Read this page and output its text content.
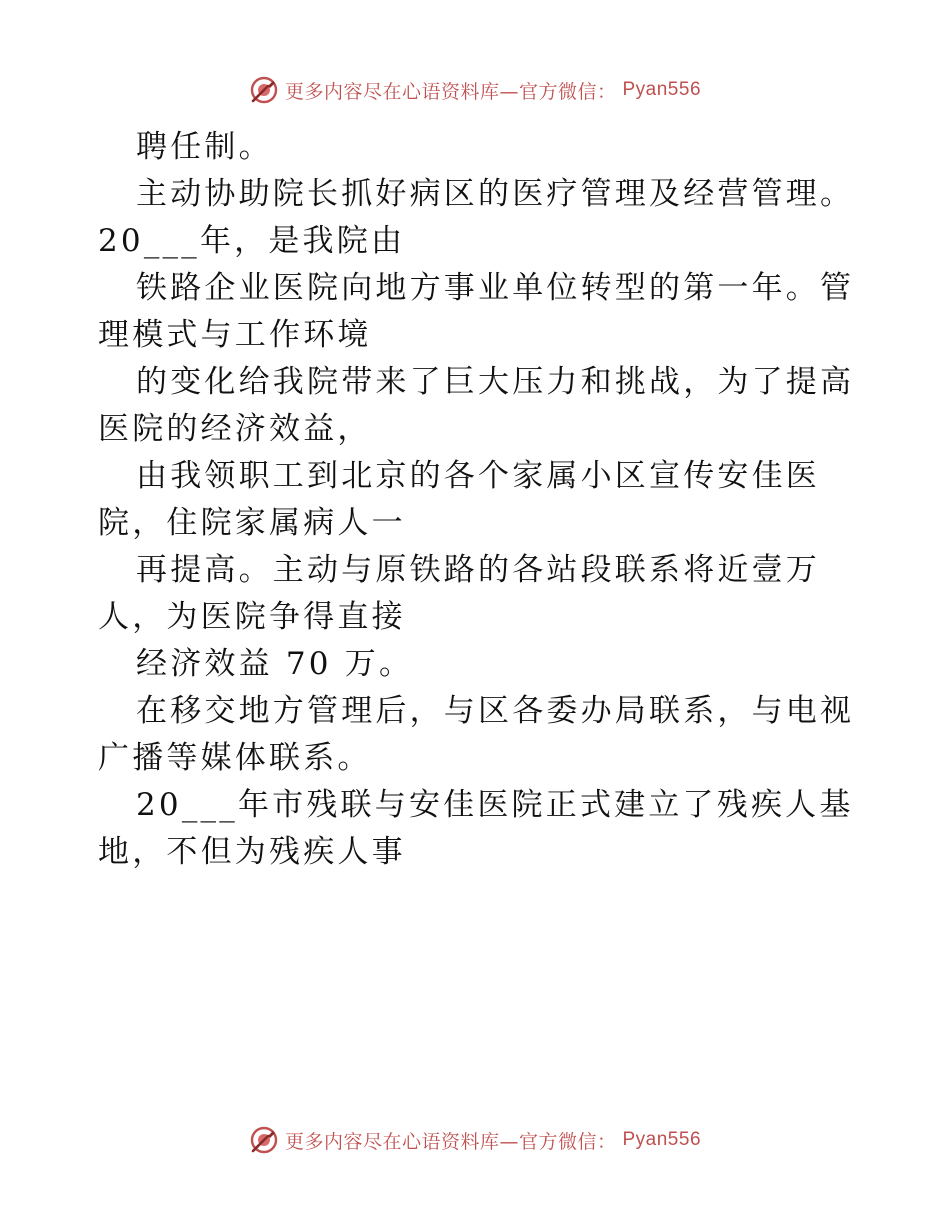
更多内容尽在心语资料库—官方微信： Pyan556

聘任制。

主动协助院长抓好病区的医疗管理及经营管理。

20___年，是我院由

铁路企业医院向地方事业单位转型的第一年。管

理模式与工作环境

的变化给我院带来了巨大压力和挑战，为了提高

医院的经济效益，

由我领职工到北京的各个家属小区宣传安佳医

院，住院家属病人一

再提高。主动与原铁路的各站段联系将近壹万

人，为医院争得直接

经济效益 70 万。

在移交地方管理后，与区各委办局联系，与电视

广播等媒体联系。

20___年市残联与安佳医院正式建立了残疾人基

地，不但为残疾人事

更多内容尽在心语资料库—官方微信： Pyan556
